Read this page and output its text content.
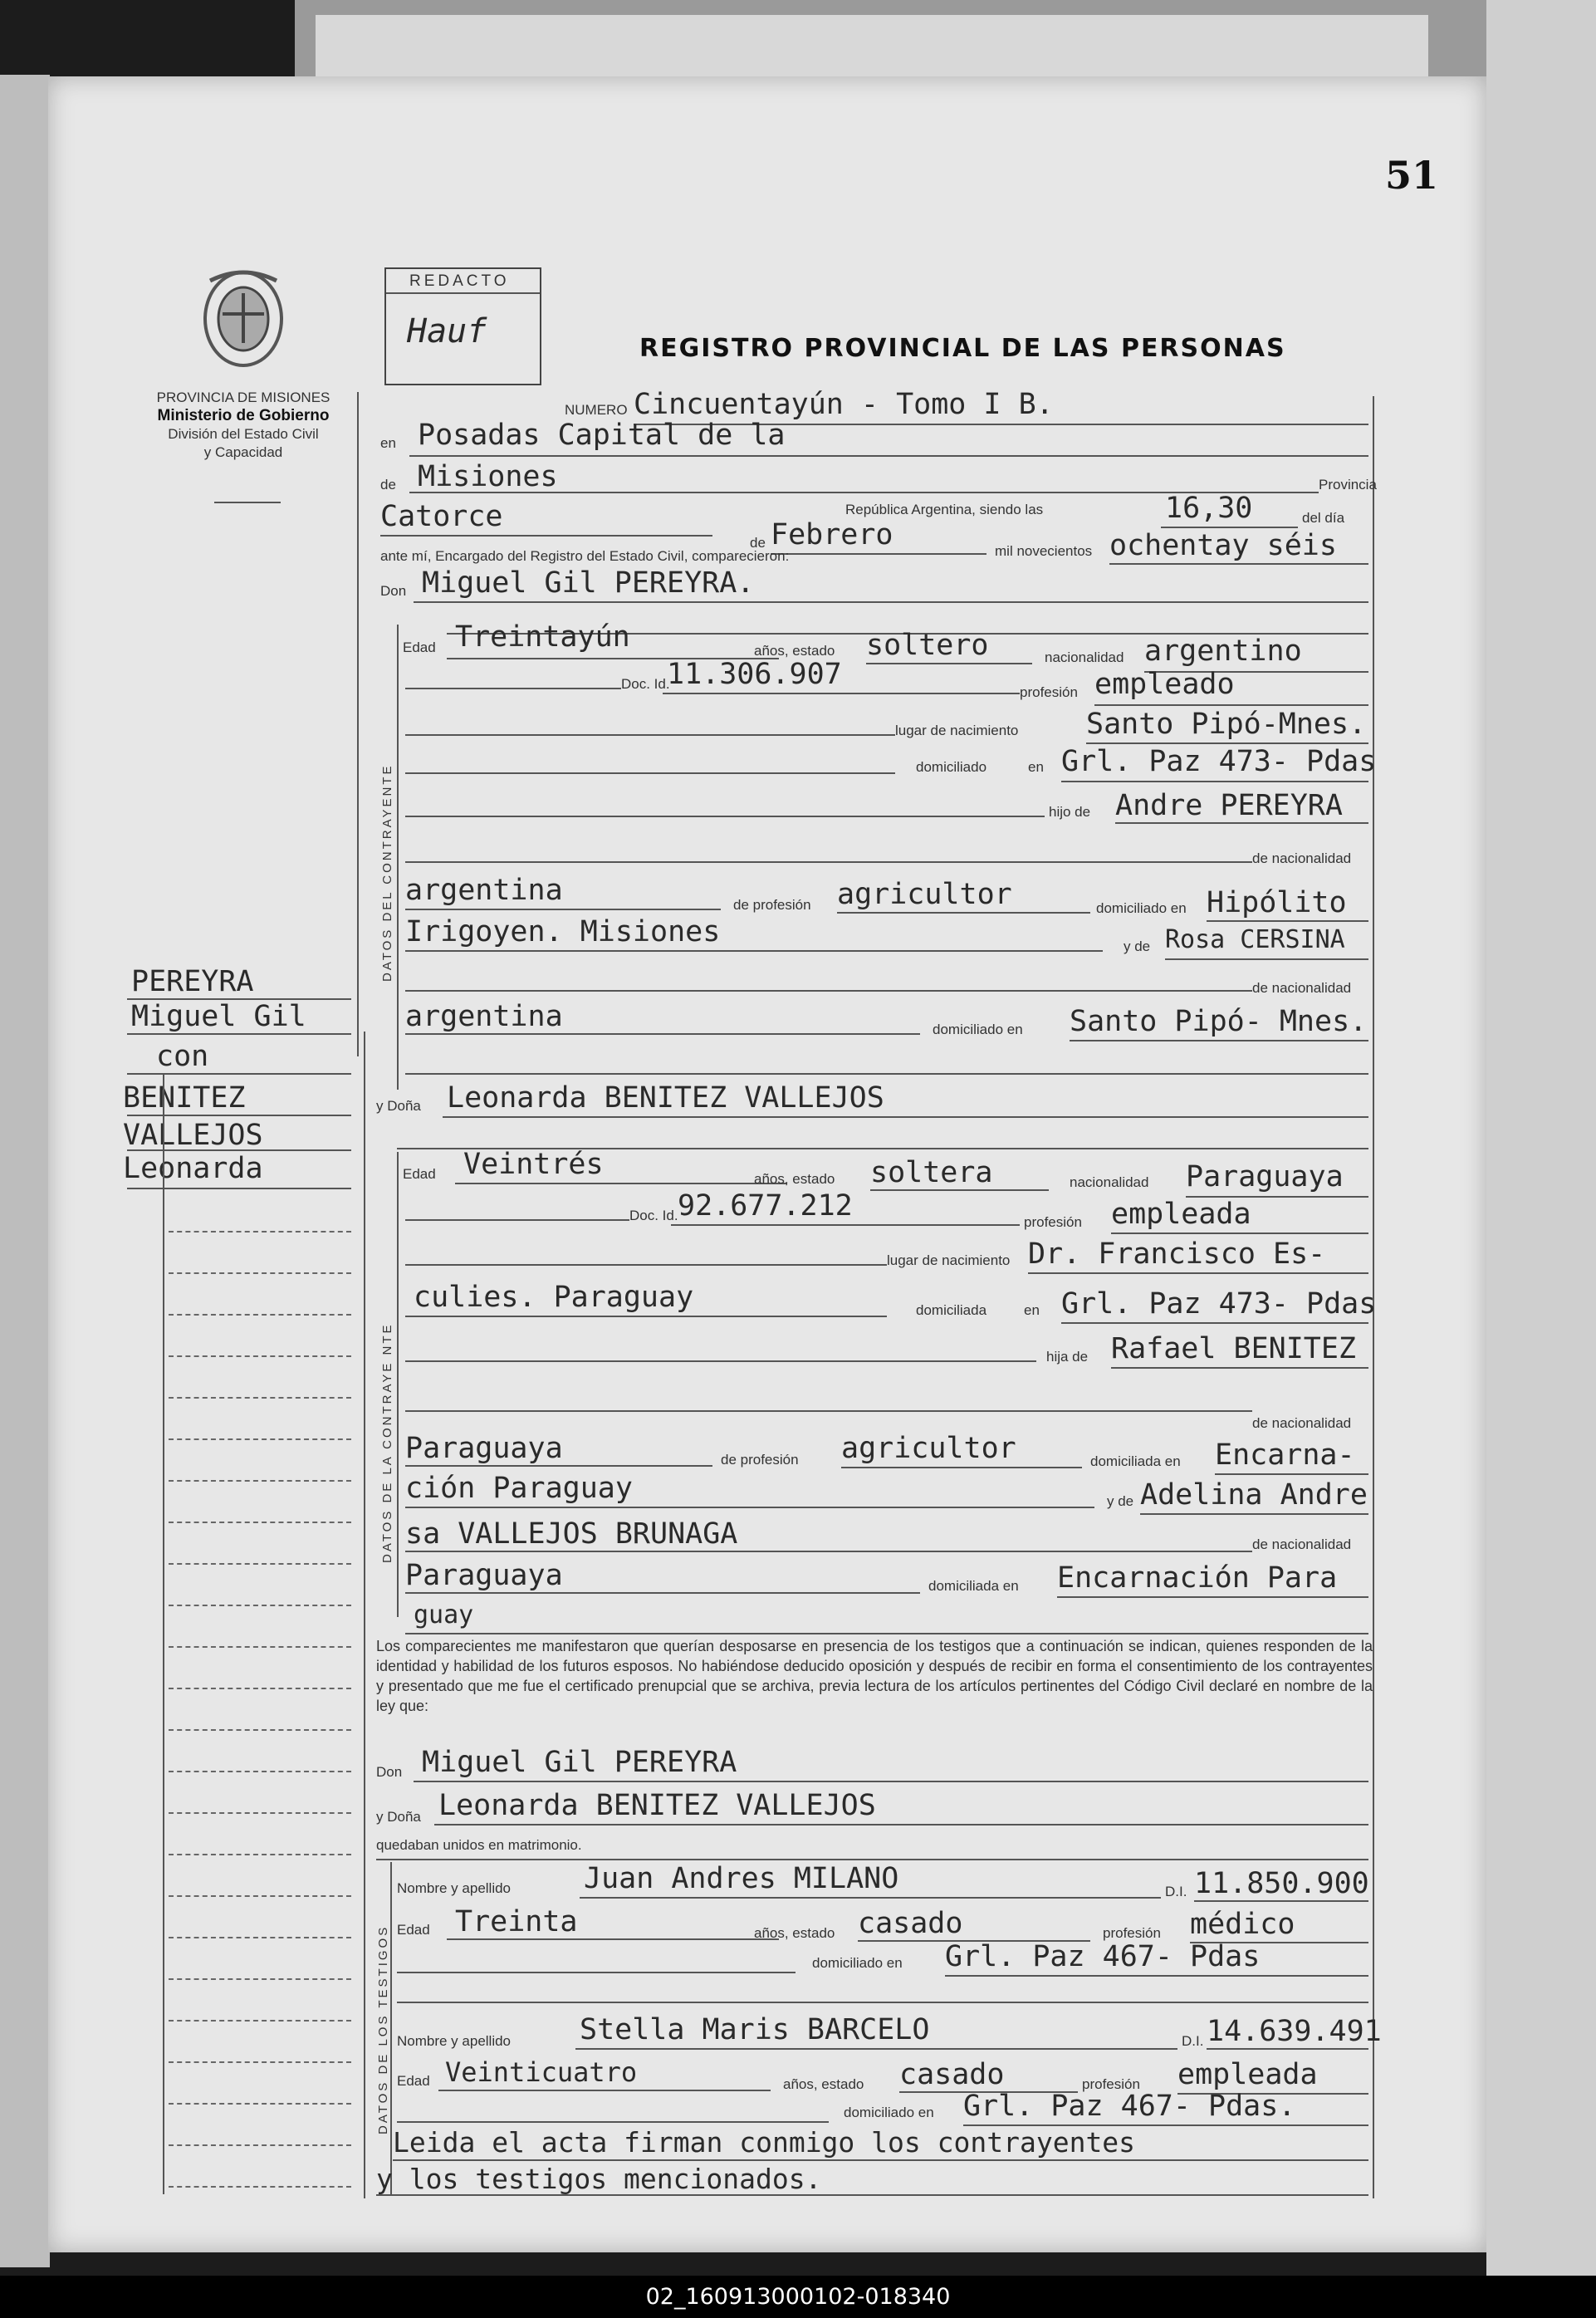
51
PROVINCIA DE MISIONES
Ministerio de Gobierno
División del Estado Civil
y Capacidad
REDACTO
Hauf	REGISTRO PROVINCIAL DE LAS PERSONAS
NUMERO Cincuentayún - Tomo I B.
en Posadas Capital de la
de Misiones	Provincia
Catorce	República Argentina, siendo las	16,30	del día
de Febrero	mil novecientos ochentay séis
ante mí, Encargado del Registro del Estado Civil, comparecieron:
Don Miguel Gil PEREYRA.
DATOS DEL CONTRAYENTE
Edad Treintayún	años, estado soltero	nacionalidad argentino
Doc. Id.
11.306.907
profesión empleado
lugar de nacimiento Santo Pipó-Mnes.
domiciliado	en Grl. Paz 473- Pdas
hijo de Andre PEREYRA
de nacionalidad
argentina	de profesión agricultor	domiciliado en Hipólito
Irigoyen. Misiones	y de Rosa CERSINA
de nacionalidad
argentina	domiciliado en Santo Pipó- Mnes.
y Doña Leonarda BENITEZ VALLEJOS
DATOS DE LA CONTRAYE NTE
Edad Veintrés	años, estado soltera	nacionalidad Paraguaya
Doc. Id. 92.677.212	profesión empleada
lugar de nacimiento Dr. Francisco Es-
culies. Paraguay	domiciliada	en Grl. Paz 473- Pdas
hija de Rafael BENITEZ
de nacionalidad
Paraguaya	de profesión agricultor	domiciliada en Encarna-
ción Paraguay	y de Adelina Andre
sa VALLEJOS BRUNAGA	de nacionalidad
Paraguaya	domiciliada en Encarnación Para
guay
Los comparecientes me manifestaron que querían desposarse en presencia de los testigos que a continuación se indican, quienes responden de la identidad y habilidad de los futuros esposos. No habiéndose deducido oposición y después de recibir en forma el consentimiento de los contrayentes y presentado que me fue el certificado prenupcial que se archiva, previa lectura de los artículos pertinentes del Código Civil declaré en nombre de la ley que:
Don Miguel Gil PEREYRA
y Doña Leonarda BENITEZ VALLEJOS
quedaban unidos en matrimonio.
DATOS DE LOS TESTIGOS
Nombre y apellido	Juan Andres MILANO	D.I. 11.850.900
Edad Treinta	años, estado casado	profesión médico
domiciliado en Grl. Paz 467- Pdas
Nombre y apellido Stella Maris BARCELO	D.I. 14.639.491
Edad Veinticuatro	años, estado casado	profesión empleada
domiciliado en Grl. Paz 467- Pdas.
Leida el acta firman conmigo los contrayentes
y los testigos mencionados.
PEREYRA
Miguel Gil
con
BENITEZ
VALLEJOS
Leonarda
02_160913000102-018340
